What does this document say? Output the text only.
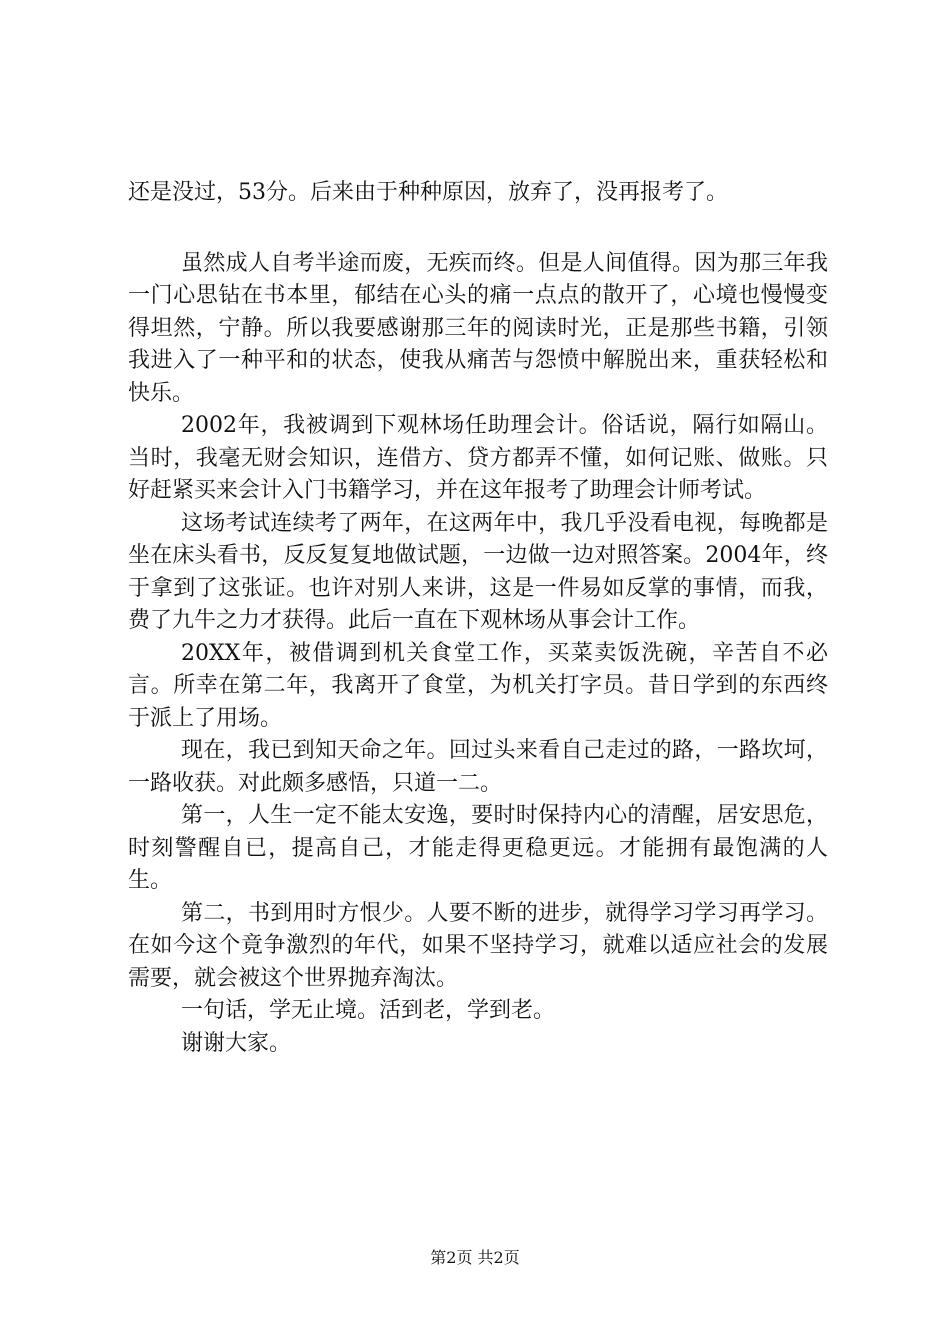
还是没过，53分。后来由于种种原因，放弃了，没再报考了。

虽然成人自考半途而废，无疾而终。但是人间值得。因为那三年我一门心思钻在书本里，郁结在心头的痛一点点的散开了，心境也慢慢变得坦然，宁静。所以我要感谢那三年的阅读时光，正是那些书籍，引领我进入了一种平和的状态，使我从痛苦与怨愤中解脱出来，重获轻松和快乐。

2002年，我被调到下观林场任助理会计。俗话说，隔行如隔山。当时，我毫无财会知识，连借方、贷方都弄不懂，如何记账、做账。只好赶紧买来会计入门书籍学习，并在这年报考了助理会计师考试。

这场考试连续考了两年，在这两年中，我几乎没看电视，每晚都是坐在床头看书，反反复复地做试题，一边做一边对照答案。2004年，终于拿到了这张证。也许对别人来讲，这是一件易如反掌的事情，而我，费了九牛之力才获得。此后一直在下观林场从事会计工作。

20XX年，被借调到机关食堂工作，买菜卖饭洗碗，辛苦自不必言。所幸在第二年，我离开了食堂，为机关打字员。昔日学到的东西终于派上了用场。

现在，我已到知天命之年。回过头来看自己走过的路，一路坎坷，一路收获。对此颇多感悟，只道一二。

第一，人生一定不能太安逸，要时时保持内心的清醒，居安思危，时刻警醒自已，提高自己，才能走得更稳更远。才能拥有最饱满的人生。

第二，书到用时方恨少。人要不断的进步，就得学习学习再学习。在如今这个竟争激烈的年代，如果不坚持学习，就难以适应社会的发展需要，就会被这个世界抛弃淘汰。

一句话，学无止境。活到老，学到老。

谢谢大家。

第2页 共2页
